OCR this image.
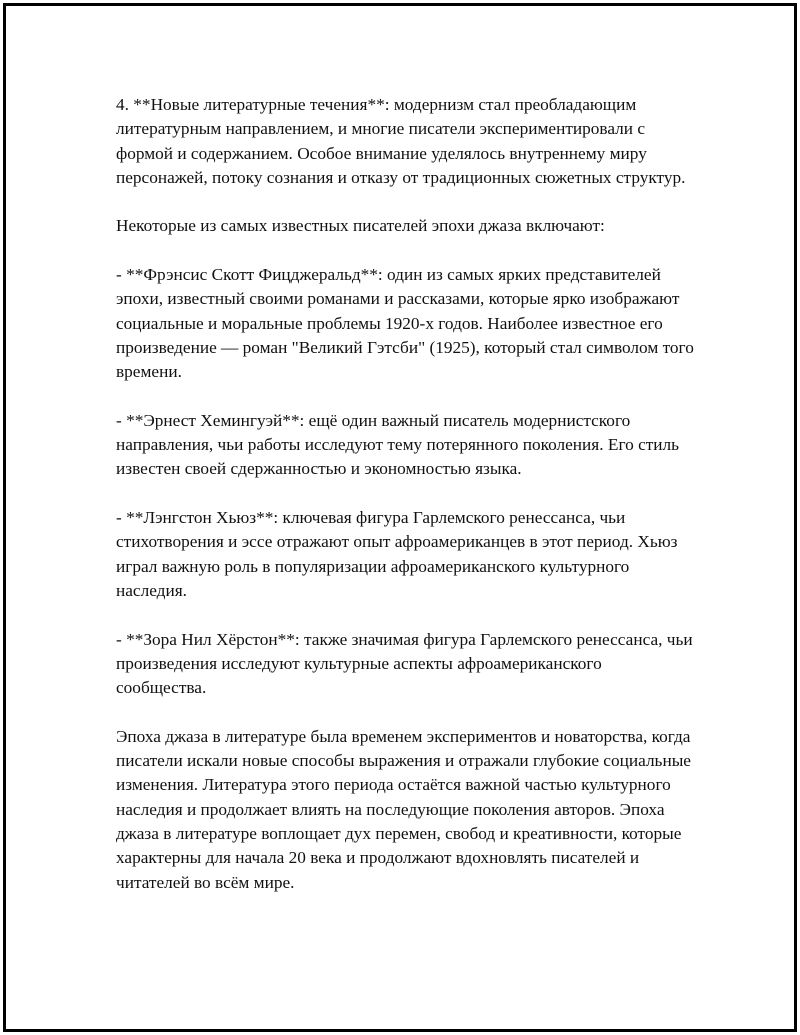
4. **Новые литературные течения**: модернизм стал преобладающим литературным направлением, и многие писатели экспериментировали с формой и содержанием. Особое внимание уделялось внутреннему миру персонажей, потоку сознания и отказу от традиционных сюжетных структур.

Некоторые из самых известных писателей эпохи джаза включают:

- **Фрэнсис Скотт Фицджеральд**: один из самых ярких представителей эпохи, известный своими романами и рассказами, которые ярко изображают социальные и моральные проблемы 1920-х годов. Наиболее известное его произведение — роман "Великий Гэтсби" (1925), который стал символом того времени.

- **Эрнест Хемингуэй**: ещё один важный писатель модернистского направления, чьи работы исследуют тему потерянного поколения. Его стиль известен своей сдержанностью и экономностью языка.

- **Лэнгстон Хьюз**: ключевая фигура Гарлемского ренессанса, чьи стихотворения и эссе отражают опыт афроамериканцев в этот период. Хьюз играл важную роль в популяризации афроамериканского культурного наследия.

- **Зора Нил Хёрстон**: также значимая фигура Гарлемского ренессанса, чьи произведения исследуют культурные аспекты афроамериканского сообщества.

Эпоха джаза в литературе была временем экспериментов и новаторства, когда писатели искали новые способы выражения и отражали глубокие социальные изменения. Литература этого периода остаётся важной частью культурного наследия и продолжает влиять на последующие поколения авторов. Эпоха джаза в литературе воплощает дух перемен, свобод и креативности, которые характерны для начала 20 века и продолжают вдохновлять писателей и читателей во всём мире.
